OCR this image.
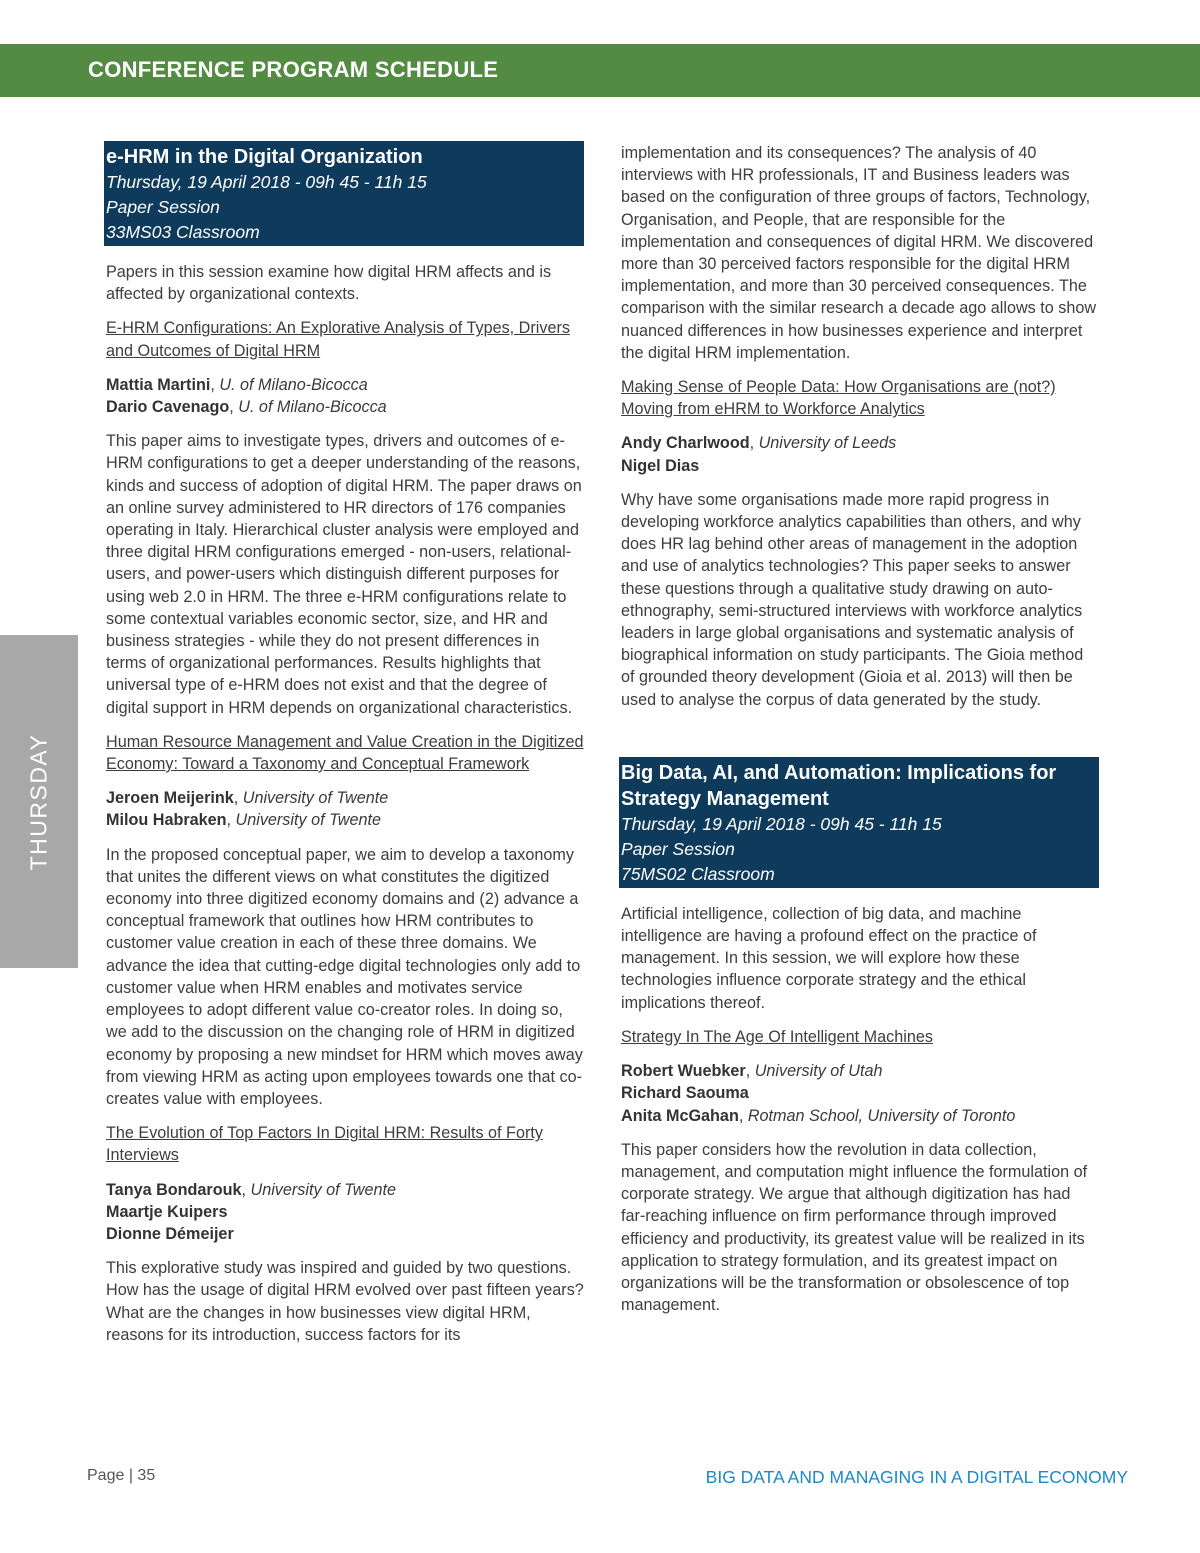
CONFERENCE PROGRAM SCHEDULE
THURSDAY
e-HRM in the Digital Organization
Thursday, 19 April 2018 - 09h 45 - 11h 15
Paper Session
33MS03 Classroom

Papers in this session examine how digital HRM affects and is affected by organizational contexts.

E-HRM Configurations: An Explorative Analysis of Types, Drivers and Outcomes of Digital HRM

Mattia Martini, U. of Milano-Bicocca
Dario Cavenago, U. of Milano-Bicocca

This paper aims to investigate types, drivers and outcomes of e-HRM configurations to get a deeper understanding of the reasons, kinds and success of adoption of digital HRM. The paper draws on an online survey administered to HR directors of 176 companies operating in Italy. Hierarchical cluster analysis were employed and three digital HRM configurations emerged - non-users, relational-users, and power-users which distinguish different purposes for using web 2.0 in HRM. The three e-HRM configurations relate to some contextual variables economic sector, size, and HR and business strategies - while they do not present differences in terms of organizational performances. Results highlights that universal type of e-HRM does not exist and that the degree of digital support in HRM depends on organizational characteristics.

Human Resource Management and Value Creation in the Digitized Economy: Toward a Taxonomy and Conceptual Framework

Jeroen Meijerink, University of Twente
Milou Habraken, University of Twente

In the proposed conceptual paper, we aim to develop a taxonomy that unites the different views on what constitutes the digitized economy into three digitized economy domains and (2) advance a conceptual framework that outlines how HRM contributes to customer value creation in each of these three domains. We advance the idea that cutting-edge digital technologies only add to customer value when HRM enables and motivates service employees to adopt different value co-creator roles. In doing so, we add to the discussion on the changing role of HRM in digitized economy by proposing a new mindset for HRM which moves away from viewing HRM as acting upon employees towards one that co-creates value with employees.

The Evolution of Top Factors In Digital HRM: Results of Forty Interviews

Tanya Bondarouk, University of Twente
Maartje Kuipers
Dionne Démeijer

This explorative study was inspired and guided by two questions. How has the usage of digital HRM evolved over past fifteen years? What are the changes in how businesses view digital HRM, reasons for its introduction, success factors for its

implementation and its consequences? The analysis of 40 interviews with HR professionals, IT and Business leaders was based on the configuration of three groups of factors, Technology, Organisation, and People, that are responsible for the implementation and consequences of digital HRM. We discovered more than 30 perceived factors responsible for the digital HRM implementation, and more than 30 perceived consequences. The comparison with the similar research a decade ago allows to show nuanced differences in how businesses experience and interpret the digital HRM implementation.

Making Sense of People Data: How Organisations are (not?) Moving from eHRM to Workforce Analytics

Andy Charlwood, University of Leeds
Nigel Dias

Why have some organisations made more rapid progress in developing workforce analytics capabilities than others, and why does HR lag behind other areas of management in the adoption and use of analytics technologies? This paper seeks to answer these questions through a qualitative study drawing on auto-ethnography, semi-structured interviews with workforce analytics leaders in large global organisations and systematic analysis of biographical information on study participants. The Gioia method of grounded theory development (Gioia et al. 2013) will then be used to analyse the corpus of data generated by the study.

Big Data, AI, and Automation: Implications for Strategy Management
Thursday, 19 April 2018 - 09h 45 - 11h 15
Paper Session
75MS02 Classroom

Artificial intelligence, collection of big data, and machine intelligence are having a profound effect on the practice of management. In this session, we will explore how these technologies influence corporate strategy and the ethical implications thereof.

Strategy In The Age Of Intelligent Machines

Robert Wuebker, University of Utah
Richard Saouma
Anita McGahan, Rotman School, University of Toronto

This paper considers how the revolution in data collection, management, and computation might influence the formulation of corporate strategy. We argue that although digitization has had far-reaching influence on firm performance through improved efficiency and productivity, its greatest value will be realized in its application to strategy formulation, and its greatest impact on organizations will be the transformation or obsolescence of top management.

Page | 35	BIG DATA AND MANAGING IN A DIGITAL ECONOMY
